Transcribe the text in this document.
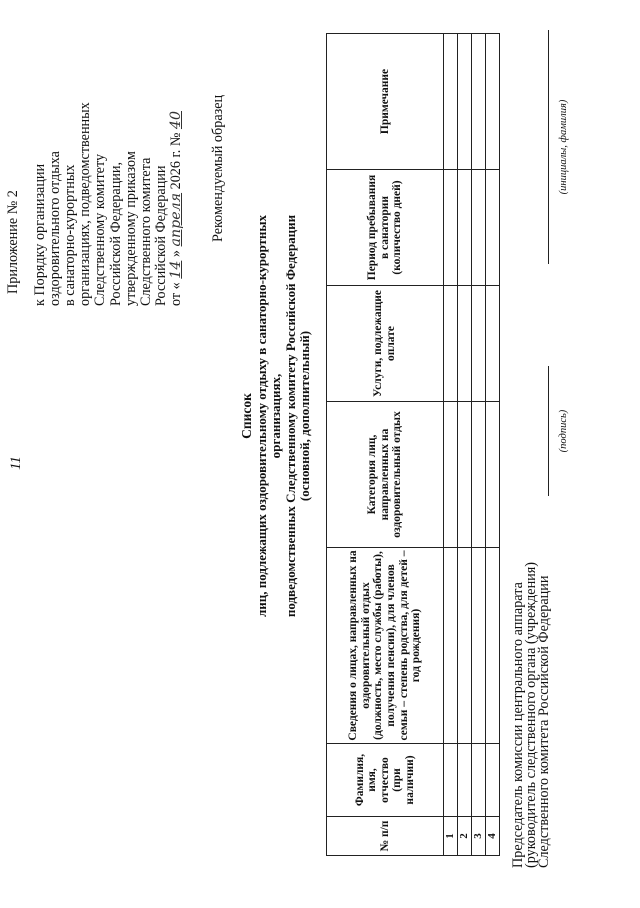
11
Приложение № 2 к Порядку организации оздоровительного отдыха в санаторно-курортных организациях, подведомственных Следственному комитету Российской Федерации, утвержденному приказом Следственного комитета Российской Федерации от « 14 » апреля 2026 г. № 40 Рекомендуемый образец
Список лиц, подлежащих оздоровительному отдыху в санаторно-курортных организациях, подведомственных Следственному комитету Российской Федерации (основной, дополнительный)
№ п/п	Фамилия, имя, отчество (при наличии)	Сведения о лицах, направленных на оздоровительный отдых (должность, место службы (работы), получения пенсии), для членов семьи – степень родства, для детей – год рождения)	Категория лиц, направленных на оздоровительный отдых	Услуги, подлежащие оплате	Период пребывания в санатории (количество дней)	Примечание
1						
2						
3						
4						Председатель комиссии центрального аппарата
(руководитель следственного органа (учреждения)
Следственного комитета Российской Федерации
(подпись)
(инициалы, фамилия)
